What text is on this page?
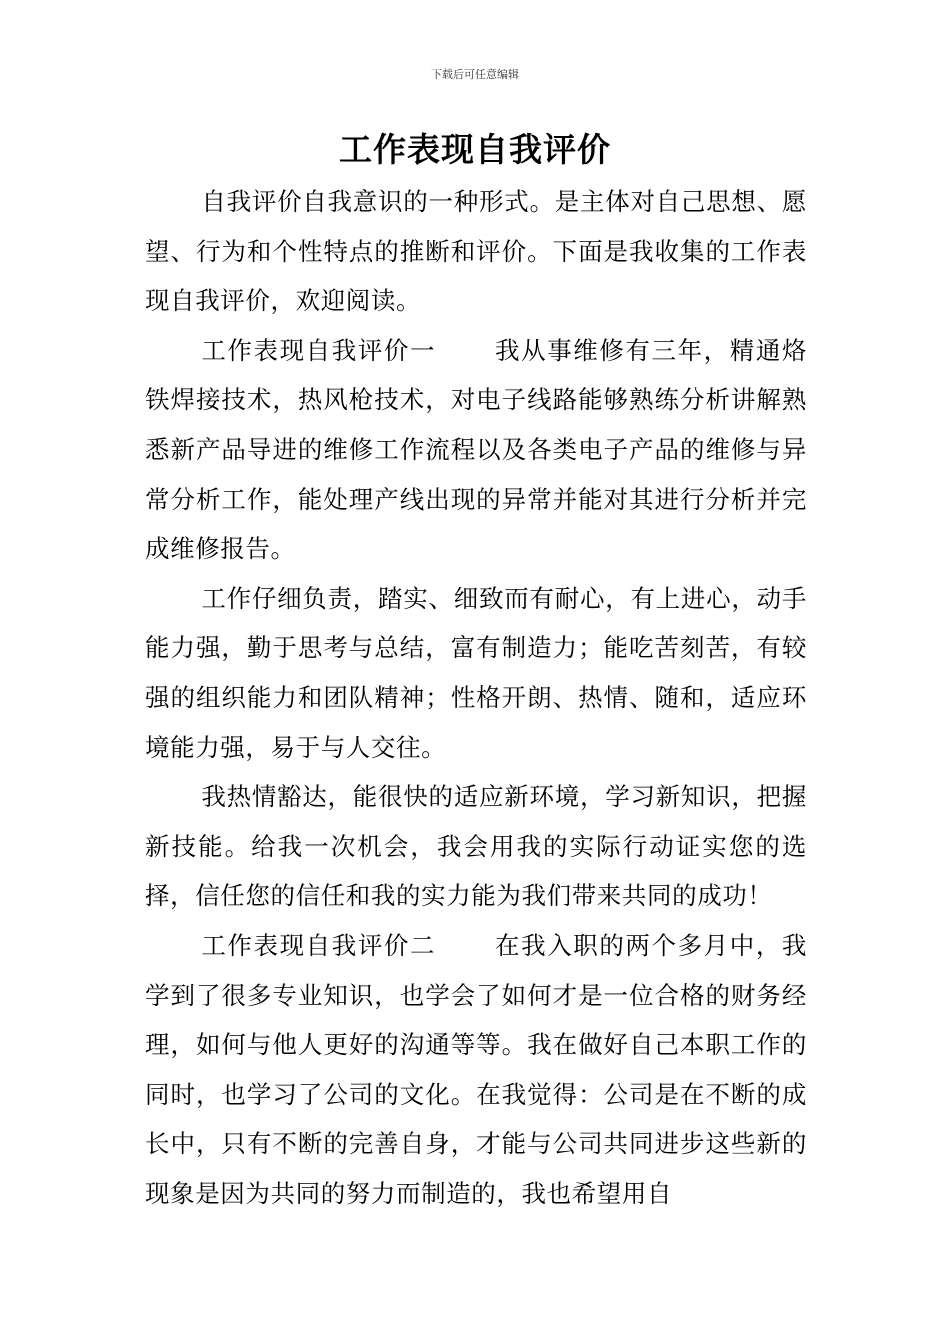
下载后可任意编辑
工作表现自我评价

自我评价自我意识的一种形式。是主体对自己思想、愿望、行为和个性特点的推断和评价。下面是我收集的工作表现自我评价，欢迎阅读。

工作表现自我评价一 我从事维修有三年，精通烙铁焊接技术，热风枪技术，对电子线路能够熟练分析讲解熟悉新产品导进的维修工作流程以及各类电子产品的维修与异常分析工作，能处理产线出现的异常并能对其进行分析并完成维修报告。

工作仔细负责，踏实、细致而有耐心，有上进心，动手能力强，勤于思考与总结，富有制造力；能吃苦刻苦，有较强的组织能力和团队精神；性格开朗、热情、随和，适应环境能力强，易于与人交往。

我热情豁达，能很快的适应新环境，学习新知识，把握新技能。给我一次机会，我会用我的实际行动证实您的选择，信任您的信任和我的实力能为我们带来共同的成功！

工作表现自我评价二 在我入职的两个多月中，我学到了很多专业知识，也学会了如何才是一位合格的财务经理，如何与他人更好的沟通等等。我在做好自己本职工作的同时，也学习了公司的文化。在我觉得：公司是在不断的成长中，只有不断的完善自身，才能与公司共同进步这些新的现象是因为共同的努力而制造的，我也希望用自
